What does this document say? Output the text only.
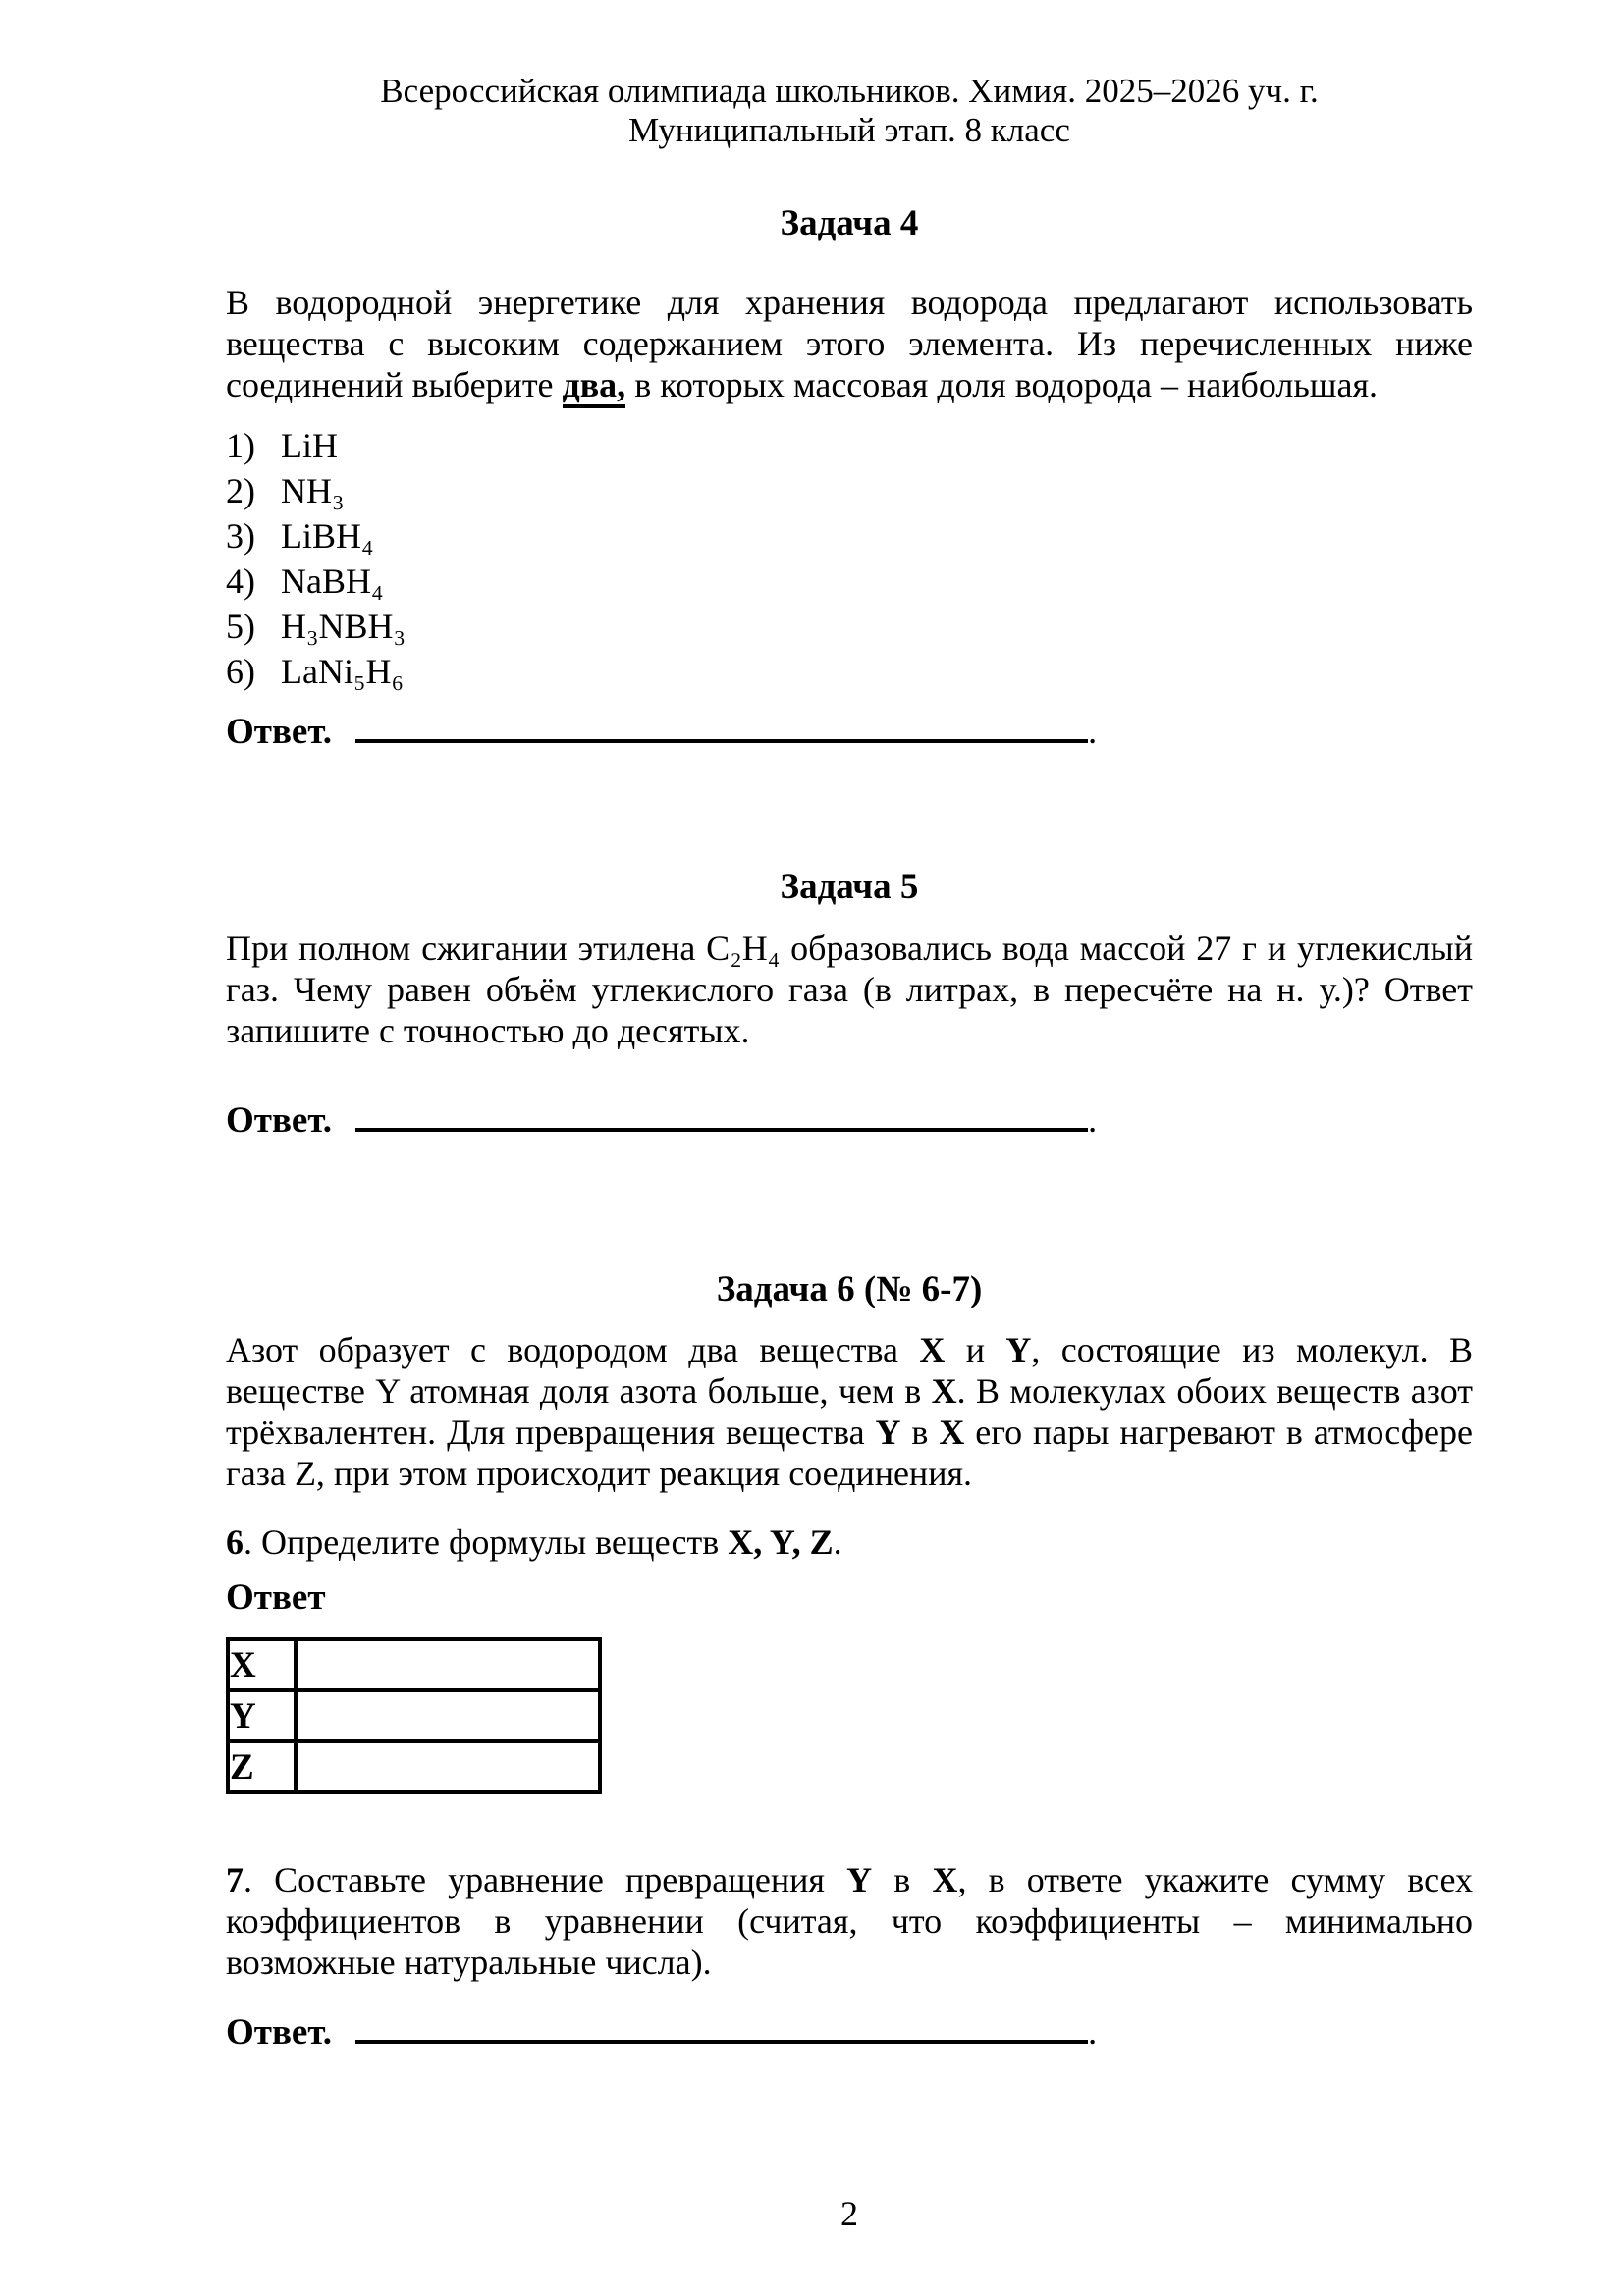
Всероссийская олимпиада школьников. Химия. 2025–2026 уч. г.
Муниципальный этап. 8 класс
Задача 4
В водородной энергетике для хранения водорода предлагают использовать вещества с высоким содержанием этого элемента. Из перечисленных ниже соединений выберите два, в которых массовая доля водорода – наибольшая.
1) LiH
2) NH₃
3) LiBH₄
4) NaBH₄
5) H₃NBH₃
6) LaNi₅H₆
Ответ.	.
Задача 5
При полном сжигании этилена C₂H₄ образовались вода массой 27 г и углекислый газ. Чему равен объём углекислого газа (в литрах, в пересчёте на н. у.)? Ответ запишите с точностью до десятых.
Ответ.	.
Задача 6 (№ 6-7)
Азот образует с водородом два вещества X и Y, состоящие из молекул. В веществе Y атомная доля азота больше, чем в X. В молекулах обоих веществ азот трёхвалентен. Для превращения вещества Y в X его пары нагревают в атмосфере газа Z, при этом происходит реакция соединения.
6. Определите формулы веществ X, Y, Z.
Ответ
X	
Y	
Z	
7. Составьте уравнение превращения Y в X, в ответе укажите сумму всех коэффициентов в уравнении (считая, что коэффициенты – минимально возможные натуральные числа).
Ответ.	.
2
